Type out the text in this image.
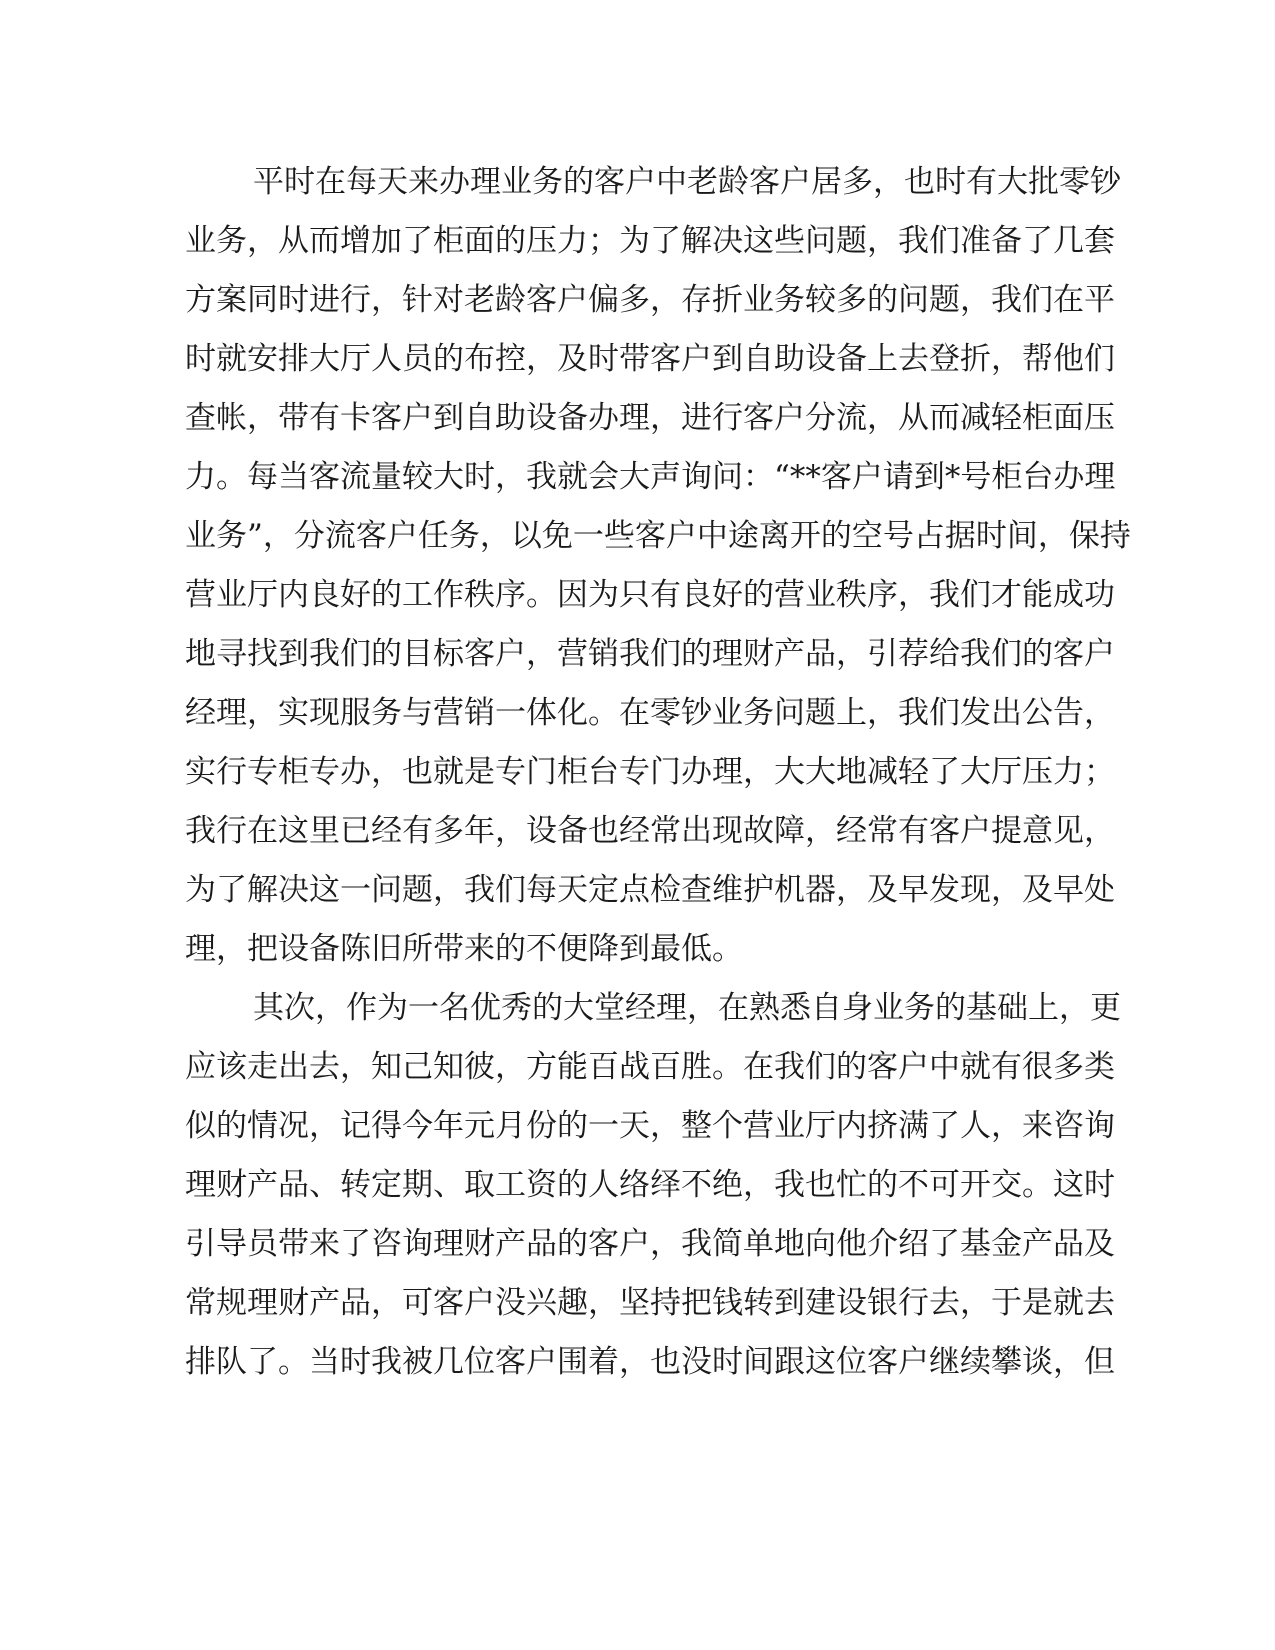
平时在每天来办理业务的客户中老龄客户居多，也时有大批零钞
业务，从而增加了柜面的压力；为了解决这些问题，我们准备了几套
方案同时进行，针对老龄客户偏多，存折业务较多的问题，我们在平
时就安排大厅人员的布控，及时带客户到自助设备上去登折，帮他们
查帐，带有卡客户到自助设备办理，进行客户分流，从而减轻柜面压
力。每当客流量较大时，我就会大声询问：“**客户请到*号柜台办理
业务”，分流客户任务，以免一些客户中途离开的空号占据时间，保持
营业厅内良好的工作秩序。因为只有良好的营业秩序，我们才能成功
地寻找到我们的目标客户，营销我们的理财产品，引荐给我们的客户
经理，实现服务与营销一体化。在零钞业务问题上，我们发出公告，
实行专柜专办，也就是专门柜台专门办理，大大地减轻了大厅压力；
我行在这里已经有多年，设备也经常出现故障，经常有客户提意见，
为了解决这一问题，我们每天定点检查维护机器，及早发现，及早处
理，把设备陈旧所带来的不便降到最低。
其次，作为一名优秀的大堂经理，在熟悉自身业务的基础上，更
应该走出去，知己知彼，方能百战百胜。在我们的客户中就有很多类
似的情况，记得今年元月份的一天，整个营业厅内挤满了人，来咨询
理财产品、转定期、取工资的人络绎不绝，我也忙的不可开交。这时
引导员带来了咨询理财产品的客户，我简单地向他介绍了基金产品及
常规理财产品，可客户没兴趣，坚持把钱转到建设银行去，于是就去
排队了。当时我被几位客户围着，也没时间跟这位客户继续攀谈，但
